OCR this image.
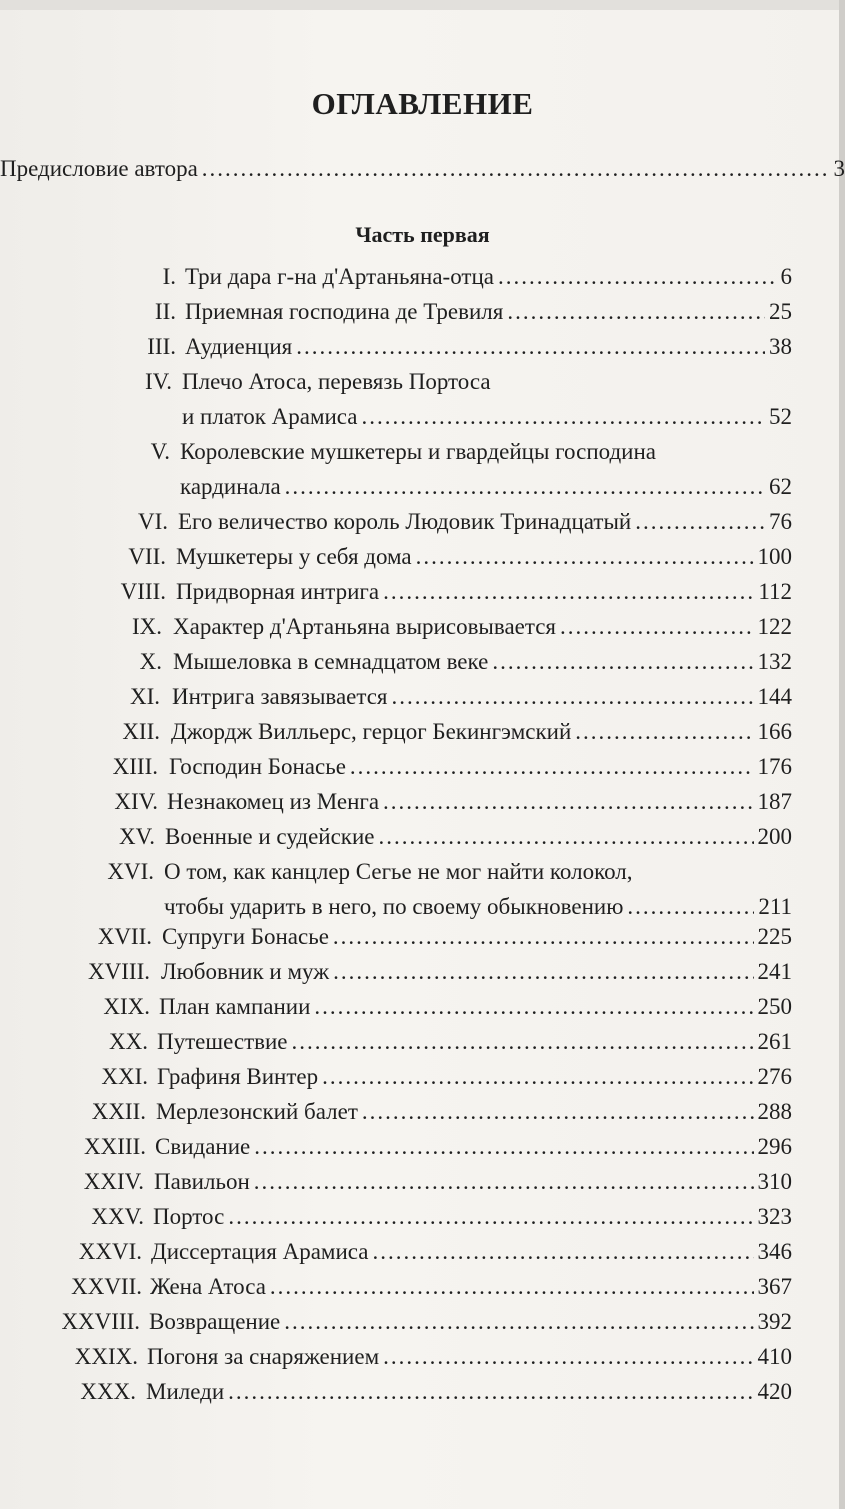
ОГЛАВЛЕНИЕ
Предисловие автора .....	3
Часть первая
I. Три дара г-на д'Артаньяна-отца .....	6
II. Приемная господина де Тревиля .....	25
III. Аудиенция .....	38
IV. Плечо Атоса, перевязь Портоса
и платок Арамиса .....	52
V. Королевские мушкетеры и гвардейцы господина
кардинала .....	62
VI. Его величество король Людовик Тринадцатый .....	76
VII. Мушкетеры у себя дома .....	100
VIII. Придворная интрига .....	112
IX. Характер д'Артаньяна вырисовывается .....	122
X. Мышеловка в семнадцатом веке .....	132
XI. Интрига завязывается .....	144
XII. Джордж Вилльерс, герцог Бекингэмский .....	166
XIII. Господин Бонасье .....	176
XIV. Незнакомец из Менга .....	187
XV. Военные и судейские .....	200
XVI. О том, как канцлер Сегье не мог найти колокол,
чтобы ударить в него, по своему обыкновению .....	211
XVII. Супруги Бонасье .....	225
XVIII. Любовник и муж .....	241
XIX. План кампании .....	250
XX. Путешествие .....	261
XXI. Графиня Винтер .....	276
XXII. Мерлезонский балет .....	288
XXIII. Свидание .....	296
XXIV. Павильон .....	310
XXV. Портос .....	323
XXVI. Диссертация Арамиса .....	346
XXVII. Жена Атоса .....	367
XXVIII. Возвращение .....	392
XXIX. Погоня за снаряжением .....	410
XXX. Миледи .....	420
